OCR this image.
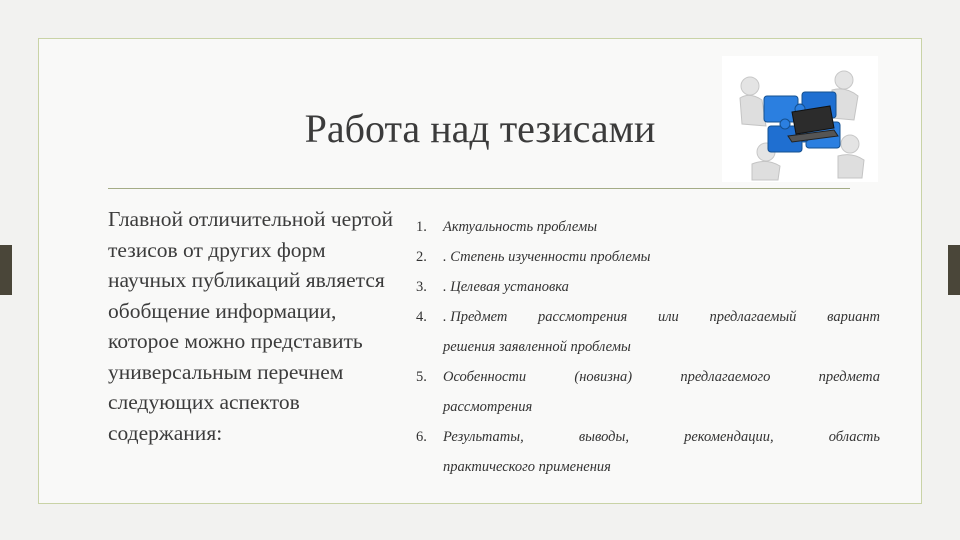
Работа над тезисами

Главной отличительной чертой тезисов от других форм научных публикаций является обобщение информации, которое можно представить универсальным перечнем следующих аспектов содержания:

1. Актуальность проблемы
2. . Степень изученности проблемы
3. . Целевая установка
4. . Предмет рассмотрения или предлагаемый вариант
решения заявленной проблемы
5. Особенности	(новизна)	предлагаемого	предмета
рассмотрения
6. Результаты,	выводы,	рекомендации,	область
практического применения
